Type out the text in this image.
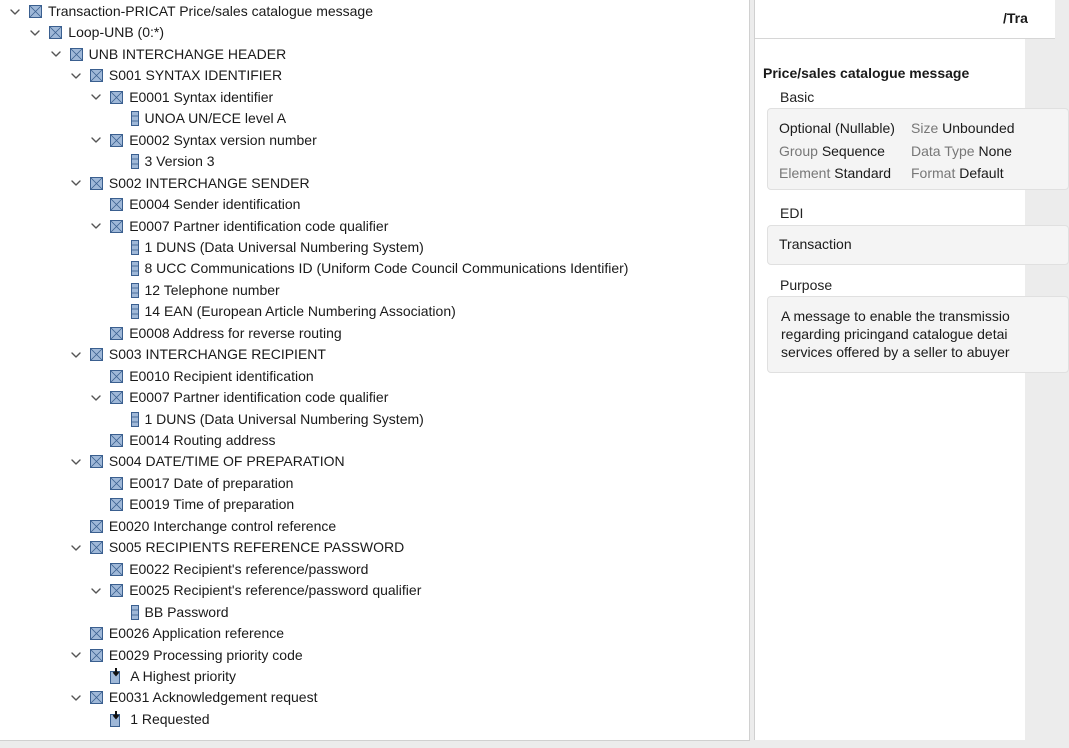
Transaction-PRICAT Price/sales catalogue message
Loop-UNB (0:*)
UNB INTERCHANGE HEADER
S001 SYNTAX IDENTIFIER
E0001 Syntax identifier
UNOA UN/ECE level A
E0002 Syntax version number
3 Version 3
S002 INTERCHANGE SENDER
E0004 Sender identification
E0007 Partner identification code qualifier
1 DUNS (Data Universal Numbering System)
8 UCC Communications ID (Uniform Code Council Communications Identifier)
12 Telephone number
14 EAN (European Article Numbering Association)
E0008 Address for reverse routing
S003 INTERCHANGE RECIPIENT
E0010 Recipient identification
E0007 Partner identification code qualifier
1 DUNS (Data Universal Numbering System)
E0014 Routing address
S004 DATE/TIME OF PREPARATION
E0017 Date of preparation
E0019 Time of preparation
E0020 Interchange control reference
S005 RECIPIENTS REFERENCE PASSWORD
E0022 Recipient's reference/password
E0025 Recipient's reference/password qualifier
BB Password
E0026 Application reference
E0029 Processing priority code
A Highest priority
E0031 Acknowledgement request
1 Requested
/Tra
Price/sales catalogue message
Basic
Optional (Nullable) Size Unbounded
Group Sequence Data Type None
Element Standard Format Default
EDI
Transaction
Purpose
A message to enable the transmissio
regarding pricingand catalogue detai
services offered by a seller to abuyer
